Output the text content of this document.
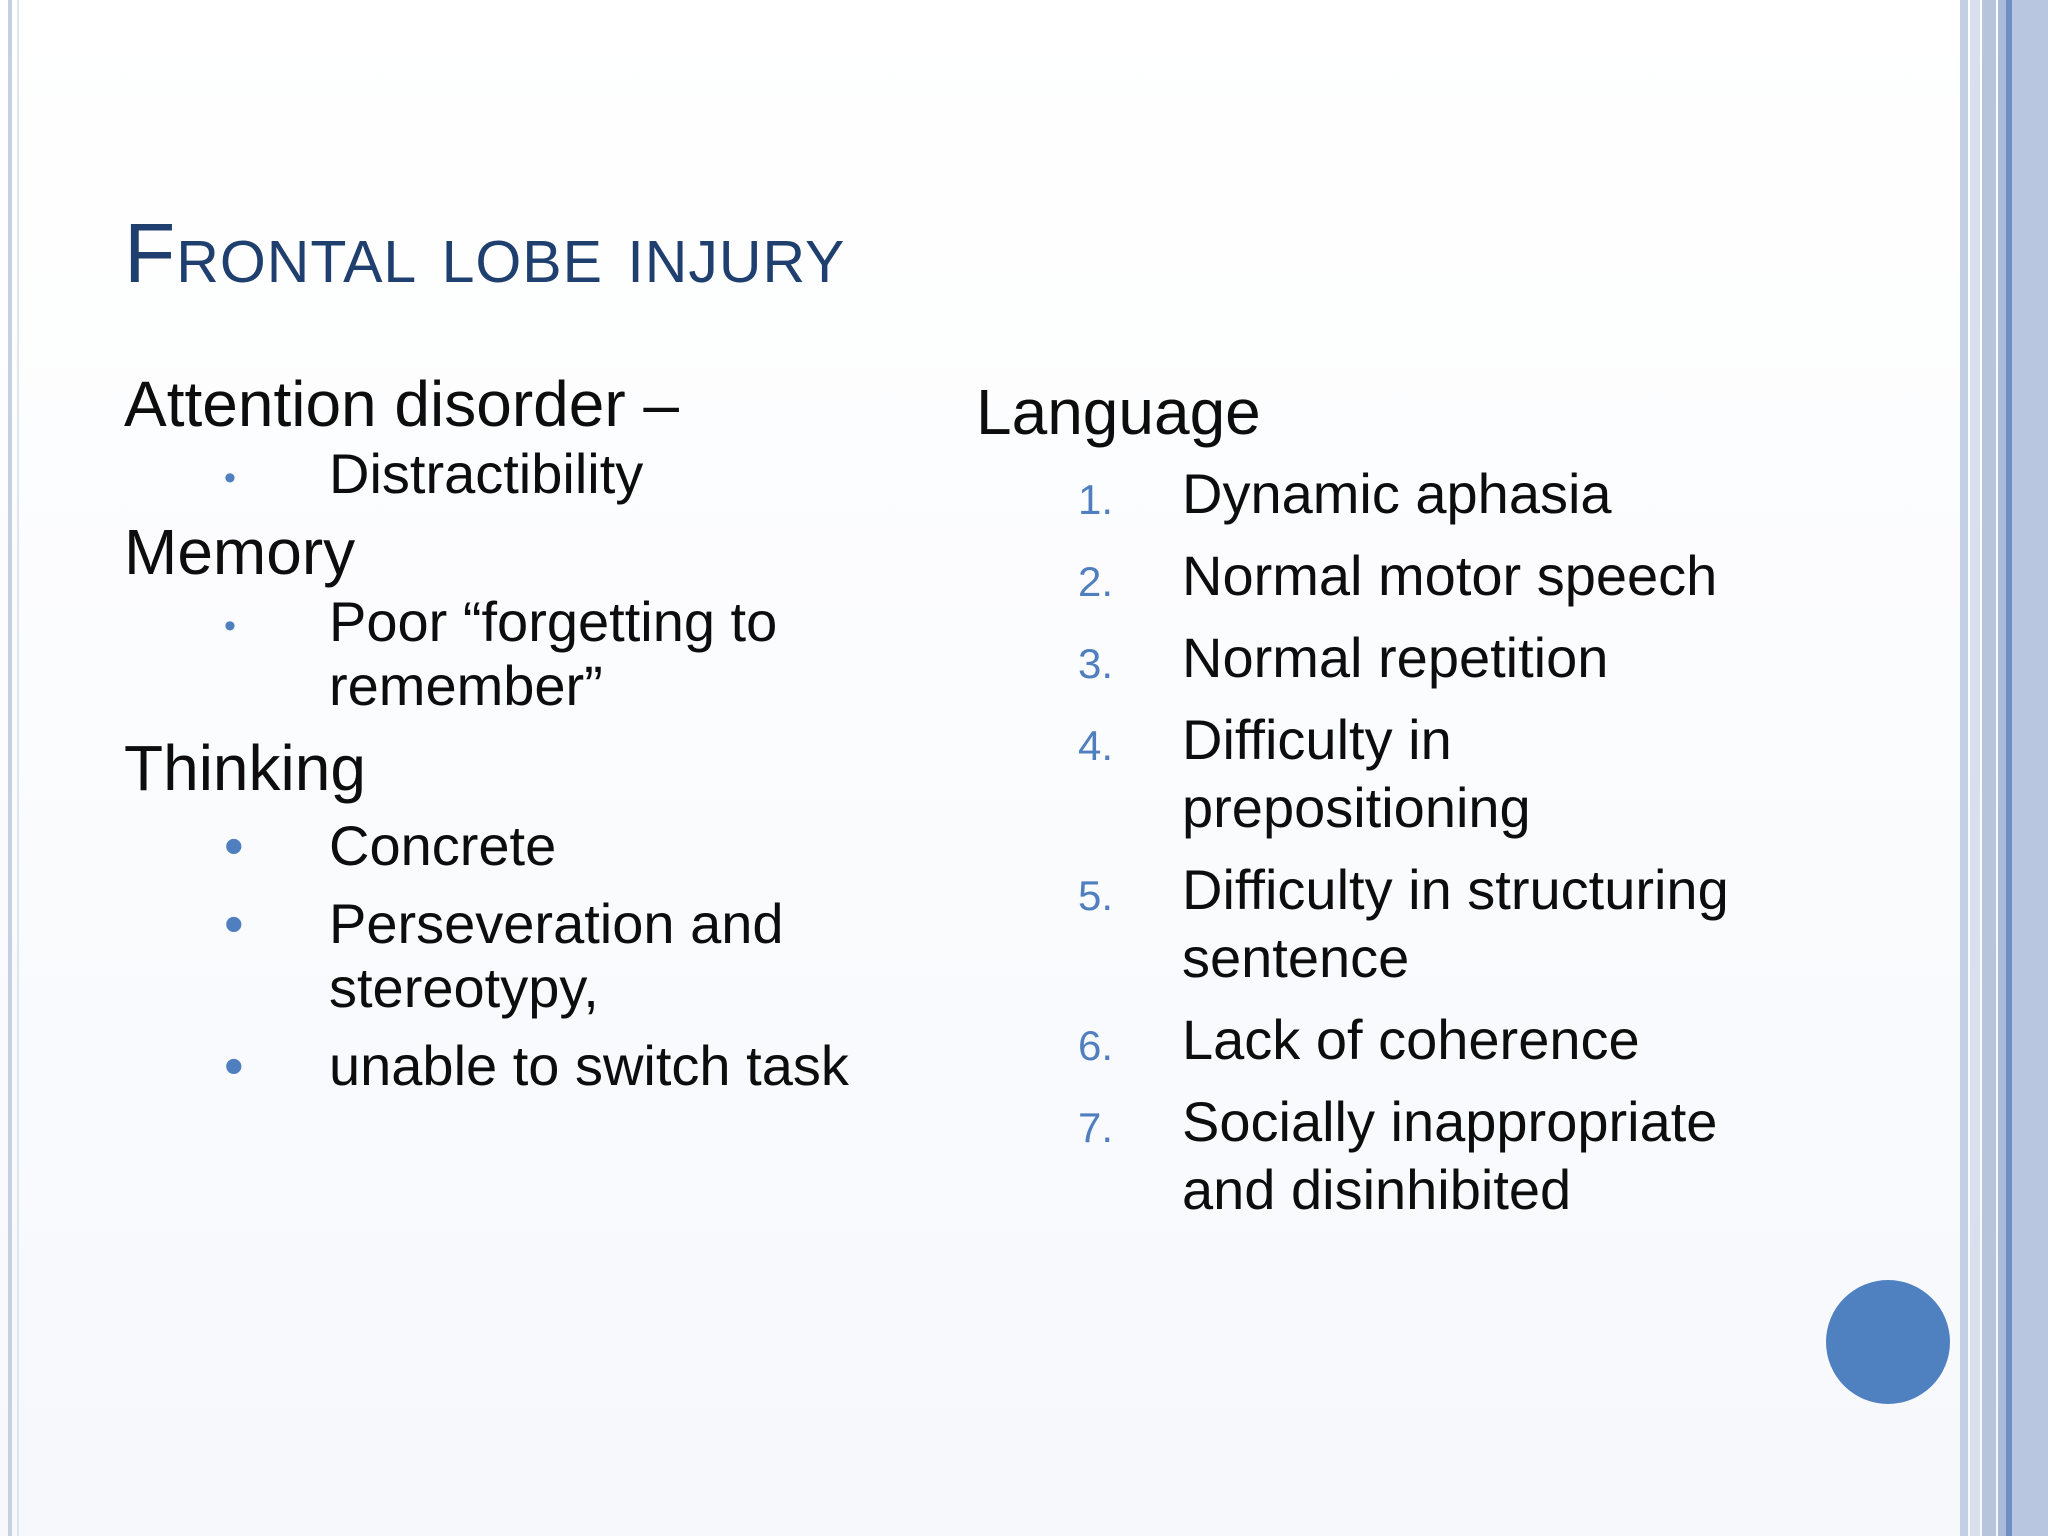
Frontal lobe injury
Attention disorder –
• Distractibility
Memory
• Poor “forgetting to remember”
Thinking
• Concrete
• Perseveration and stereotypy,
• unable to switch task
Language
1. Dynamic aphasia
2. Normal motor speech
3. Normal repetition
4. Difficulty in prepositioning
5. Difficulty in structuring sentence
6. Lack of coherence
7. Socially inappropriate and disinhibited
